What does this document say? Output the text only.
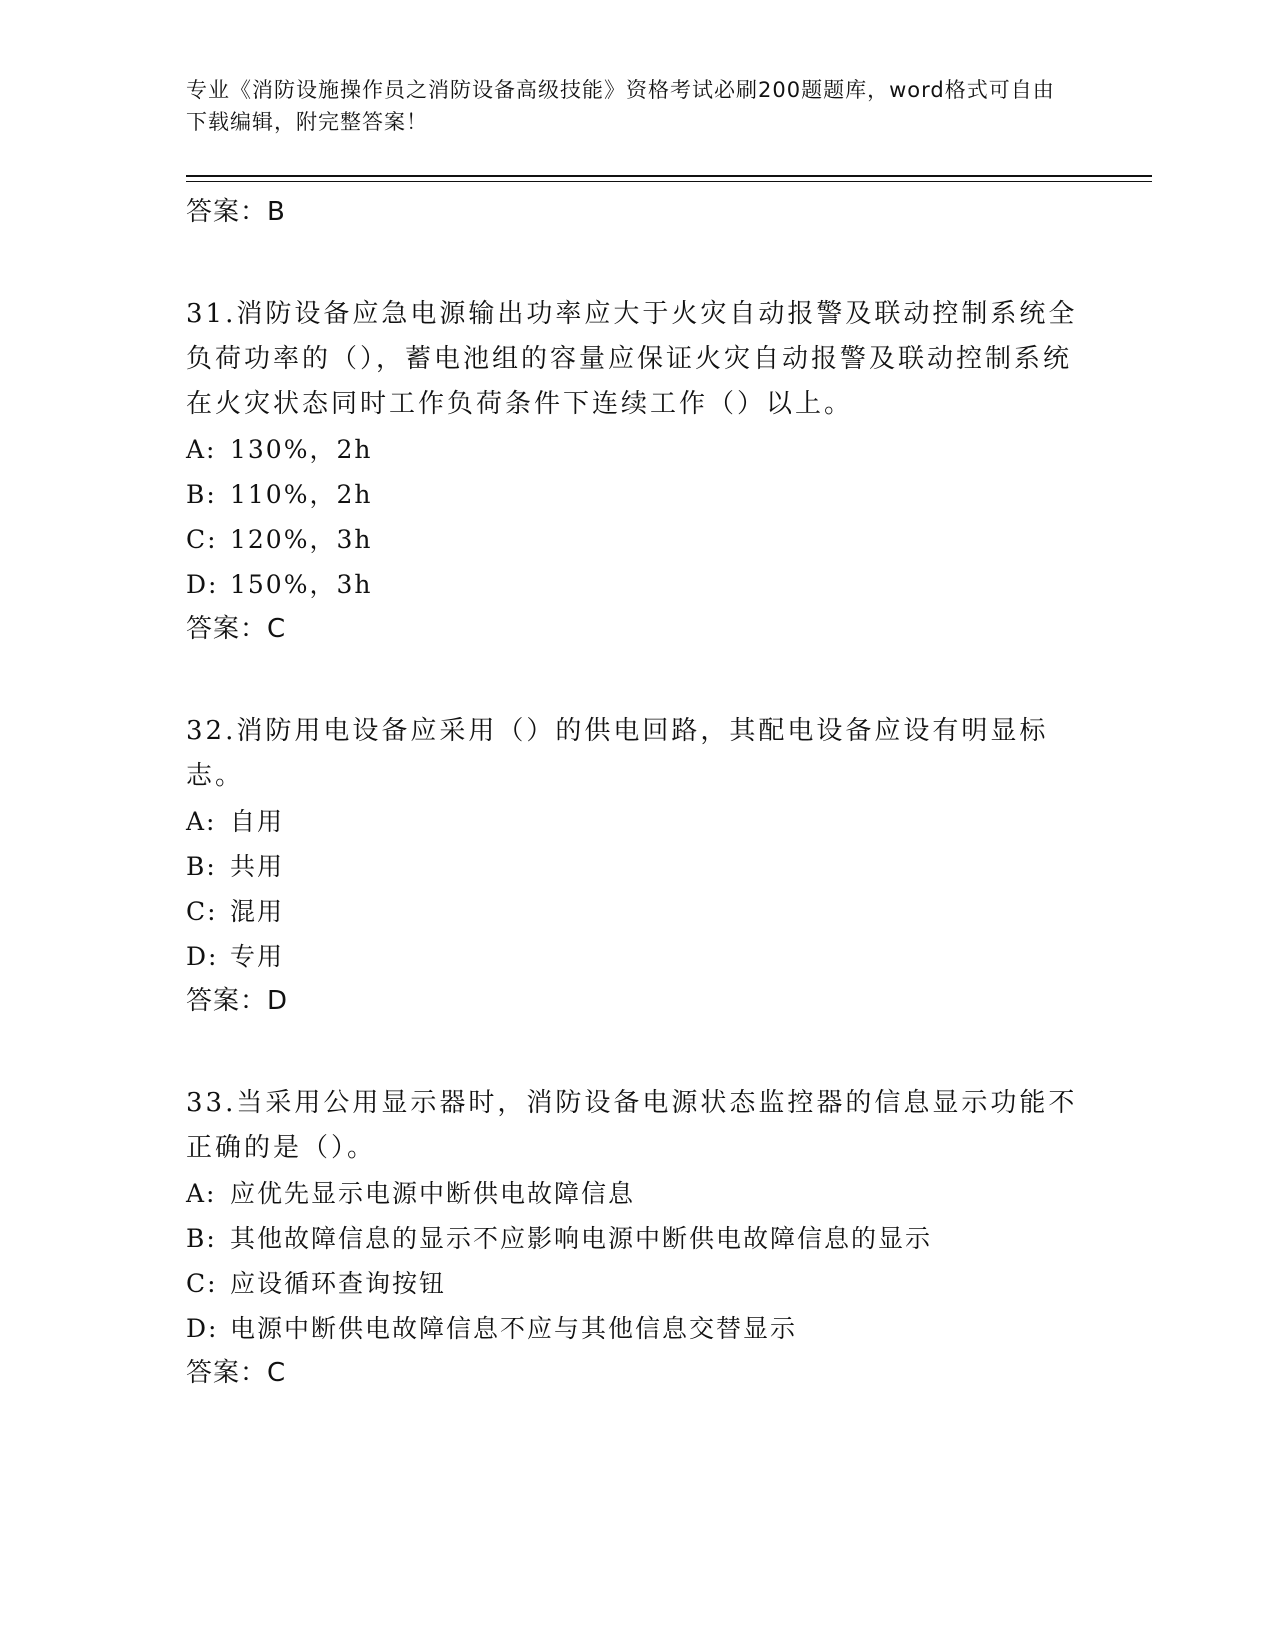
专业《消防设施操作员之消防设备高级技能》资格考试必刷200题题库，word格式可自由下载编辑，附完整答案！
答案：B
31.消防设备应急电源输出功率应大于火灾自动报警及联动控制系统全负荷功率的（），蓄电池组的容量应保证火灾自动报警及联动控制系统在火灾状态同时工作负荷条件下连续工作（）以上。
A: 130%，2h
B: 110%，2h
C: 120%，3h
D: 150%，3h
答案：C
32.消防用电设备应采用（）的供电回路，其配电设备应设有明显标志。
A: 自用
B: 共用
C: 混用
D: 专用
答案：D
33.当采用公用显示器时，消防设备电源状态监控器的信息显示功能不正确的是（）。
A: 应优先显示电源中断供电故障信息
B: 其他故障信息的显示不应影响电源中断供电故障信息的显示
C: 应设循环查询按钮
D: 电源中断供电故障信息不应与其他信息交替显示
答案：C
